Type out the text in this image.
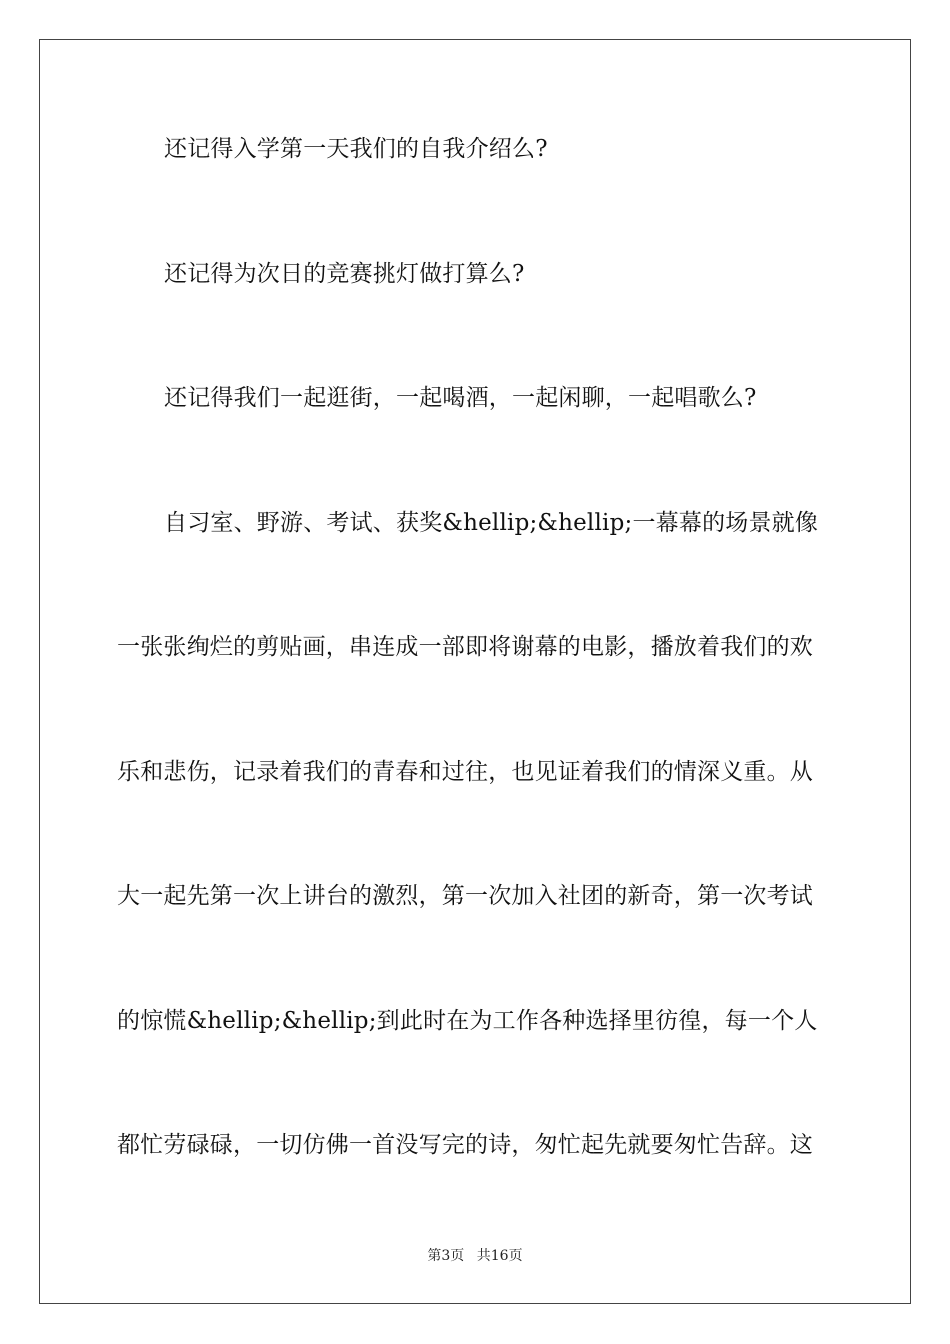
还记得入学第一天我们的自我介绍么?
还记得为次日的竞赛挑灯做打算么?
还记得我们一起逛街，一起喝酒，一起闲聊，一起唱歌么?
自习室、野游、考试、获奖&hellip;&hellip;一幕幕的场景就像
一张张绚烂的剪贴画，串连成一部即将谢幕的电影，播放着我们的欢
乐和悲伤，记录着我们的青春和过往，也见证着我们的情深义重。从
大一起先第一次上讲台的激烈，第一次加入社团的新奇，第一次考试
的惊慌&hellip;&hellip;到此时在为工作各种选择里彷徨，每一个人
都忙劳碌碌，一切仿佛一首没写完的诗，匆忙起先就要匆忙告辞。这
第3页 共16页
